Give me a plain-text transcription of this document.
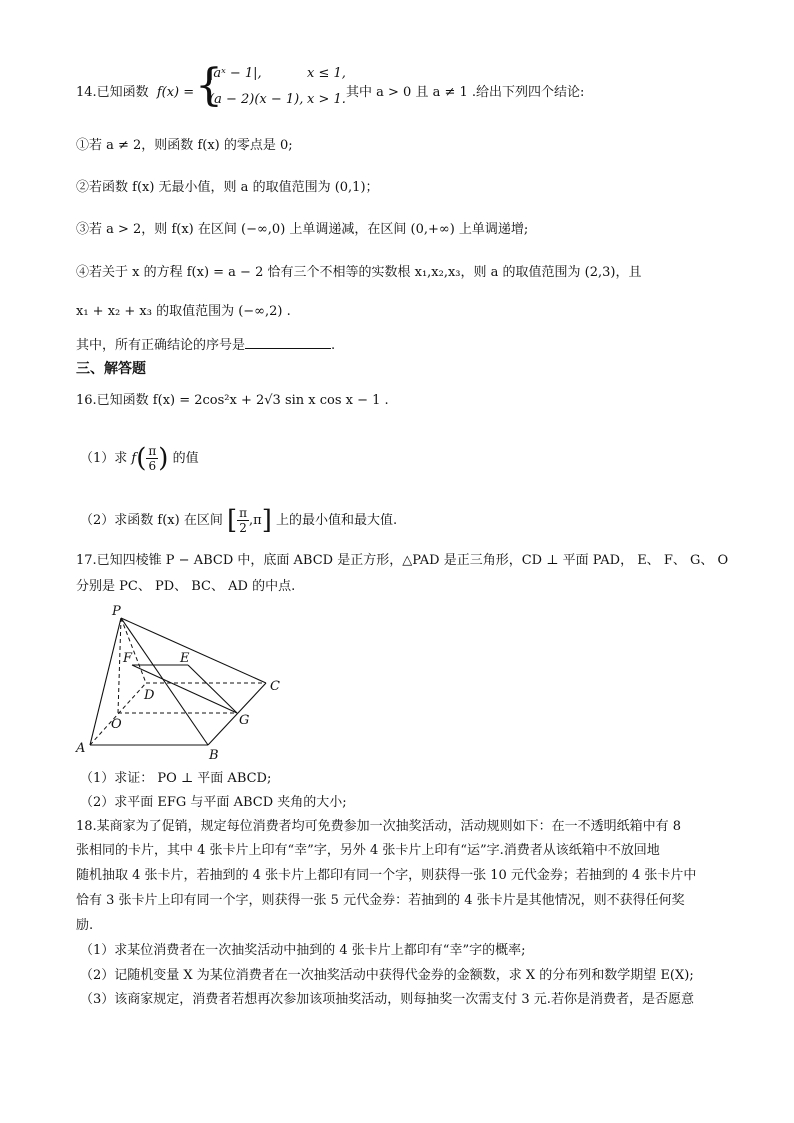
14.已知函数 f(x) = {
|aˣ − 1|,	x ≤ 1,
(a − 2)(x − 1), x > 1. 其中 a > 0 且 a ≠ 1 .给出下列四个结论:
①若 a ≠ 2，则函数 f(x) 的零点是 0;
②若函数 f(x) 无最小值，则 a 的取值范围为 (0,1)；
③若 a > 2，则 f(x) 在区间 (−∞,0) 上单调递减，在区间 (0,+∞) 上单调递增;
④若关于 x 的方程 f(x) = a − 2 恰有三个不相等的实数根 x₁,x₂,x₃，则 a 的取值范围为 (2,3)，且
x₁ + x₂ + x₃ 的取值范围为 (−∞,2) .
其中，所有正确结论的序号是	.
三、解答题
16.已知函数 f(x) = 2cos²x + 2√3 sin x cos x − 1 .
（1）求 $f( \frac{\pi}{6}$ ) 的值
（2）求函数 f(x) 在区间 [ $\frac{\pi}{2} ,\pi$] 上的最小值和最大值.
17.已知四棱锥 P − ABCD 中，底面 ABCD 是正方形，△PAD 是正三角形，CD ⊥ 平面 PAD， E、 F、 G、 O
分别是 PC、 PD、 BC、 AD 的中点.
P
F	E
D
C
O	G
A	B
（1）求证： PO ⊥ 平面 ABCD;
（2）求平面 EFG 与平面 ABCD 夹角的大小;
18.某商家为了促销，规定每位消费者均可免费参加一次抽奖活动，活动规则如下：在一不透明纸箱中有 8
张相同的卡片，其中 4 张卡片上印有“幸”字，另外 4 张卡片上印有“运”字.消费者从该纸箱中不放回地
随机抽取 4 张卡片，若抽到的 4 张卡片上都印有同一个字，则获得一张 10 元代金券；若抽到的 4 张卡片中
恰有 3 张卡片上印有同一个字，则获得一张 5 元代金券：若抽到的 4 张卡片是其他情况，则不获得任何奖
励.
（1）求某位消费者在一次抽奖活动中抽到的 4 张卡片上都印有“幸”字的概率;
（2）记随机变量 X 为某位消费者在一次抽奖活动中获得代金券的金额数，求 X 的分布列和数学期望 E(X);
（3）该商家规定，消费者若想再次参加该项抽奖活动，则每抽奖一次需支付 3 元.若你是消费者，是否愿意
